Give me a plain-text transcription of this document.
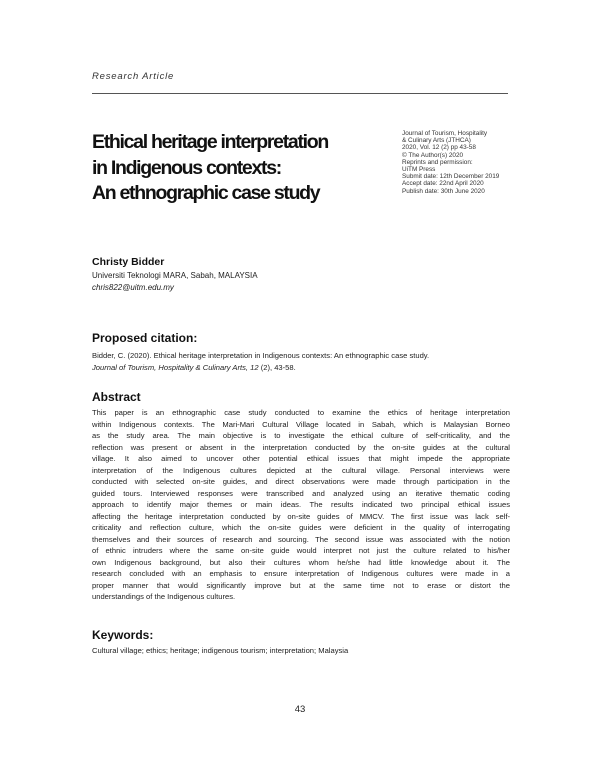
Research Article
Ethical heritage interpretation
in Indigenous contexts:
An ethnographic case study
Journal of Tourism, Hospitality
& Culinary Arts (JTHCA)
2020, Vol. 12 (2) pp 43-58
© The Author(s) 2020
Reprints and permission:
UiTM Press
Submit date: 12th December 2019
Accept date: 22nd April 2020
Publish date: 30th June 2020
Christy Bidder
Universiti Teknologi MARA, Sabah, MALAYSIA
chris822@uitm.edu.my
Proposed citation:
Bidder, C. (2020). Ethical heritage interpretation in Indigenous contexts: An ethnographic case study.
Journal of Tourism, Hospitality & Culinary Arts, 12 (2), 43-58.
Abstract
This paper is an ethnographic case study conducted to examine the ethics of heritage interpretation
within Indigenous contexts. The Mari-Mari Cultural Village located in Sabah, which is Malaysian Borneo
as the study area. The main objective is to investigate the ethical culture of self-criticality, and the
reflection was present or absent in the interpretation conducted by the on-site guides at the cultural
village. It also aimed to uncover other potential ethical issues that might impede the appropriate
interpretation of the Indigenous cultures depicted at the cultural village. Personal interviews were
conducted with selected on-site guides, and direct observations were made through participation in the
guided tours. Interviewed responses were transcribed and analyzed using an iterative thematic coding
approach to identify major themes or main ideas. The results indicated two principal ethical issues
affecting the heritage interpretation conducted by on-site guides of MMCV. The first issue was lack self-
criticality and reflection culture, which the on-site guides were deficient in the quality of interrogating
themselves and their sources of research and sourcing. The second issue was associated with the notion
of ethnic intruders where the same on-site guide would interpret not just the culture related to his/her
own Indigenous background, but also their cultures whom he/she had little knowledge about it. The
research concluded with an emphasis to ensure interpretation of Indigenous cultures were made in a
proper manner that would significantly improve but at the same time not to erase or distort the
understandings of the Indigenous cultures.
Keywords:
Cultural village; ethics; heritage; indigenous tourism; interpretation; Malaysia
43
